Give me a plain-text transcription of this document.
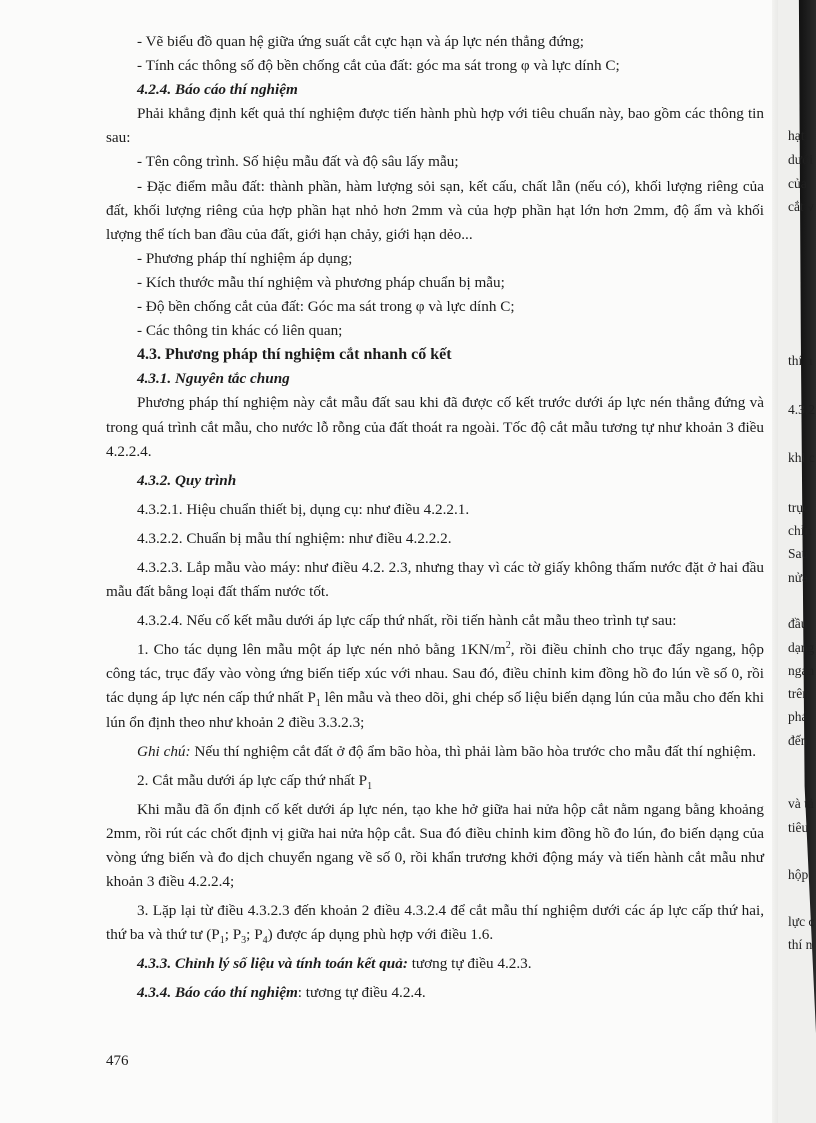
- Vẽ biểu đồ quan hệ giữa ứng suất cắt cực hạn và áp lực nén thẳng đứng;

- Tính các thông số độ bền chống cắt của đất: góc ma sát trong φ và lực dính C;

4.2.4. Báo cáo thí nghiệm

Phải khẳng định kết quả thí nghiệm được tiến hành phù hợp với tiêu chuẩn này, bao gồm các thông tin sau:

- Tên công trình. Số hiệu mẫu đất và độ sâu lấy mẫu;

- Đặc điểm mẫu đất: thành phần, hàm lượng sỏi sạn, kết cấu, chất lẫn (nếu có), khối lượng riêng của đất, khối lượng riêng của hợp phần hạt nhỏ hơn 2mm và của hợp phần hạt lớn hơn 2mm, độ ẩm và khối lượng thể tích ban đầu của đất, giới hạn chảy, giới hạn dẻo...

- Phương pháp thí nghiệm áp dụng;

- Kích thước mẫu thí nghiệm và phương pháp chuẩn bị mẫu;

- Độ bền chống cắt của đất: Góc ma sát trong φ và lực dính C;

- Các thông tin khác có liên quan;

4.3. Phương pháp thí nghiệm cắt nhanh cố kết

4.3.1. Nguyên tắc chung

Phương pháp thí nghiệm này cắt mẫu đất sau khi đã được cố kết trước dưới áp lực nén thẳng đứng và trong quá trình cắt mẫu, cho nước lỗ rỗng của đất thoát ra ngoài. Tốc độ cắt mẫu tương tự như khoản 3 điều 4.2.2.4.

4.3.2. Quy trình

4.3.2.1. Hiệu chuẩn thiết bị, dụng cụ: như điều 4.2.2.1.

4.3.2.2. Chuẩn bị mẫu thí nghiệm: như điều 4.2.2.2.

4.3.2.3. Lắp mẫu vào máy: như điều 4.2. 2.3, nhưng thay vì các tờ giấy không thấm nước đặt ở hai đầu mẫu đất bằng loại đất thấm nước tốt.

4.3.2.4. Nếu cố kết mẫu dưới áp lực cấp thứ nhất, rồi tiến hành cắt mẫu theo trình tự sau:

1. Cho tác dụng lên mẫu một áp lực nén nhỏ bằng $1KN/m^2$, rồi điều chỉnh cho trục đẩy ngang, hộp công tác, trục đẩy vào vòng ứng biến tiếp xúc với nhau. Sau đó, điều chỉnh kim đồng hồ đo lún về số 0, rồi tác dụng áp lực nén cấp thứ nhất $P_1$ lên mẫu và theo dõi, ghi chép số liệu biến dạng lún của mẫu cho đến khi lún ổn định theo như khoản 2 điều 3.3.2.3;

Ghi chú: Nếu thí nghiệm cắt đất ở độ ẩm bão hòa, thì phải làm bão hòa trước cho mẫu đất thí nghiệm.

2. Cắt mẫu dưới áp lực cấp thứ nhất $P_1$

Khi mẫu đã ổn định cố kết dưới áp lực nén, tạo khe hở giữa hai nửa hộp cắt nằm ngang bằng khoảng 2mm, rồi rút các chốt định vị giữa hai nửa hộp cắt. Sua đó điều chỉnh kim đồng hồ đo lún, đo biến dạng của vòng ứng biến và đo dịch chuyển ngang về số 0, rồi khẩn trương khởi động máy và tiến hành cắt mẫu như khoản 3 điều 4.2.2.4;

3. Lặp lại từ điều 4.3.2.3 đến khoản 2 điều 4.3.2.4 để cắt mẫu thí nghiệm dưới các áp lực cấp thứ hai, thứ ba và thứ tư ($P_1$; $P_3$; $P_4$) được áp dụng phù hợp với điều 1.6.

4.3.3. Chỉnh lý số liệu và tính toán kết quả: tương tự điều 4.2.3.

4.3.4. Báo cáo thí nghiệm: tương tự điều 4.2.4.

476
hạt
dưới
của
cắt v
thí n
4.3.2
khi c
trục
chỉn
Sau
nửa
đầu
dạng
ngan
trên
phá
đến
và tả
tiêu
hộp
lực c
thí n
